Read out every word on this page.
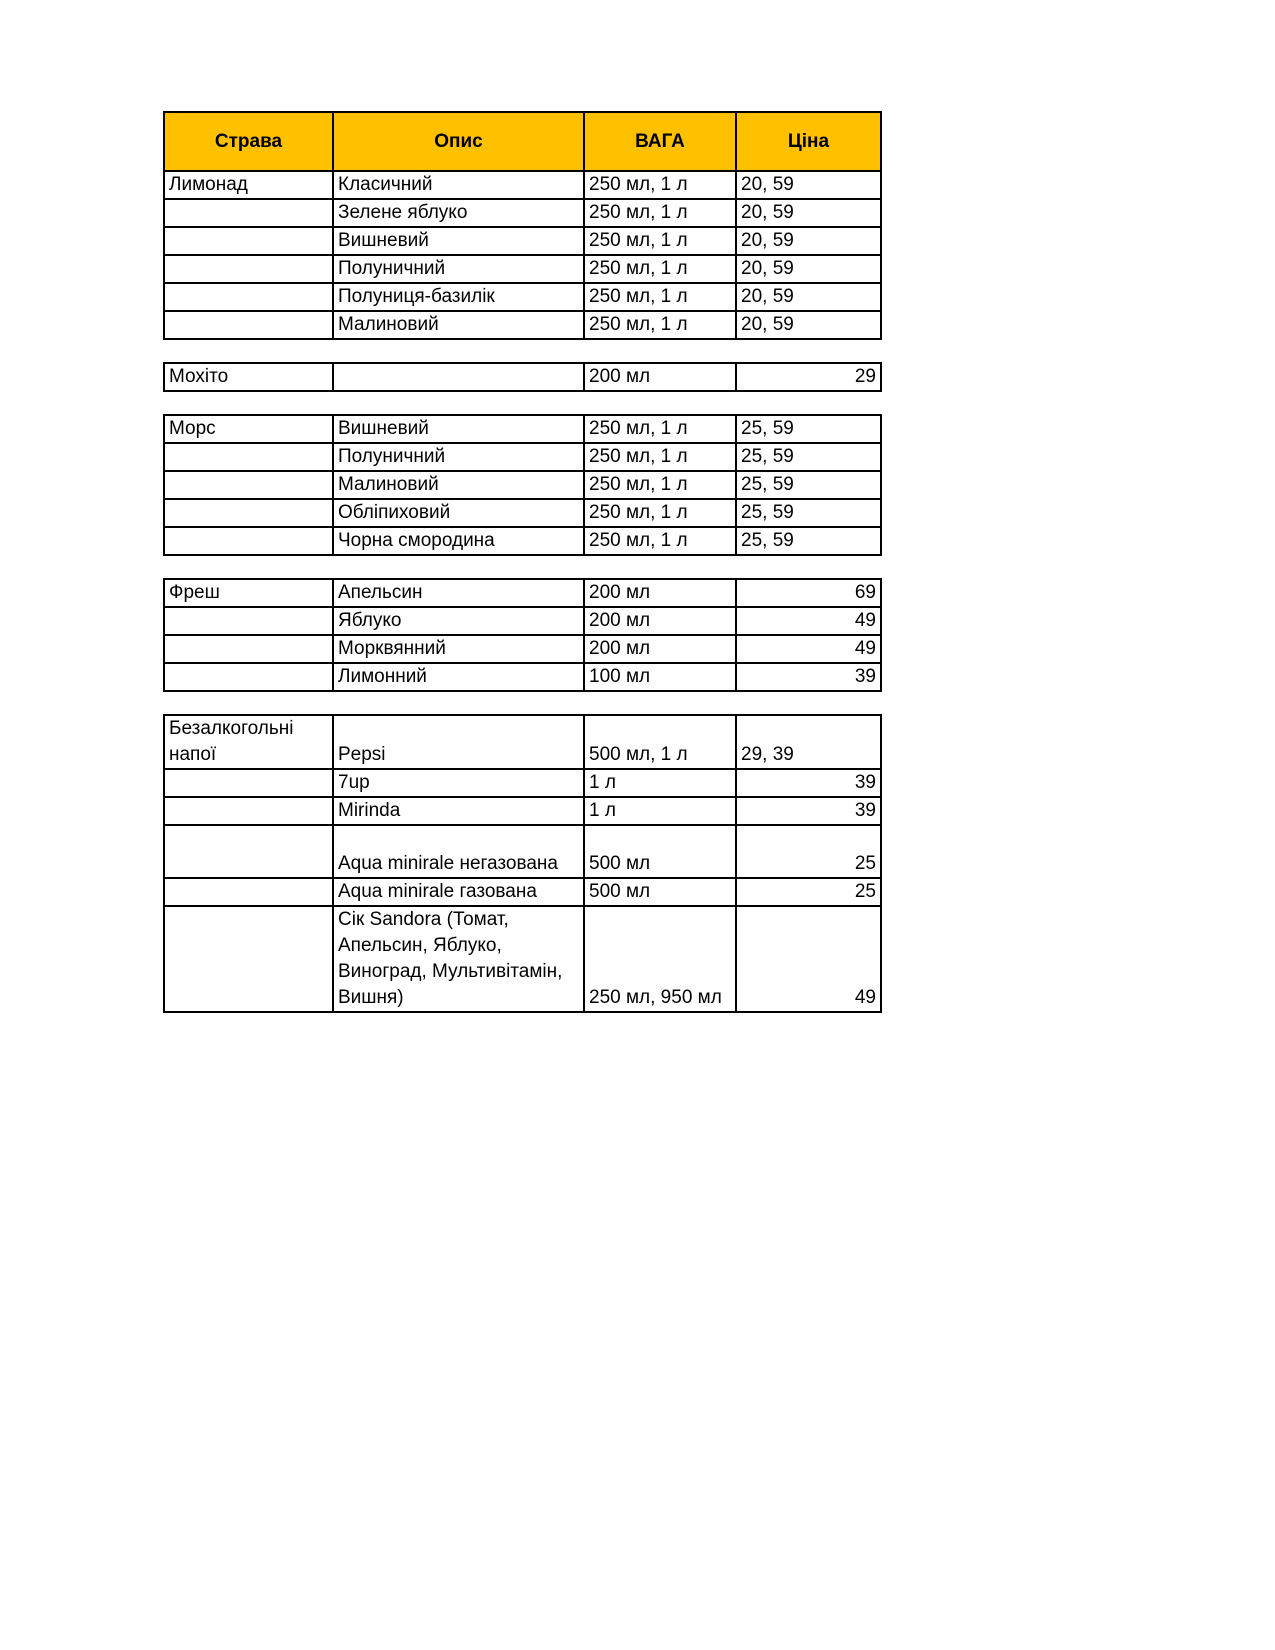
Страва	Опис	ВАГА	Ціна
Лимонад	Класичний	250 мл, 1 л	20, 59
	Зелене яблуко	250 мл, 1 л	20, 59
	Вишневий	250 мл, 1 л	20, 59
	Полуничний	250 мл, 1 л	20, 59
	Полуниця-базилік	250 мл, 1 л	20, 59
	Малиновий	250 мл, 1 л	20, 59

Мохіто		200 мл	29

Морс	Вишневий	250 мл, 1 л	25, 59
	Полуничний	250 мл, 1 л	25, 59
	Малиновий	250 мл, 1 л	25, 59
	Обліпиховий	250 мл, 1 л	25, 59
	Чорна смородина	250 мл, 1 л	25, 59

Фреш	Апельсин	200 мл	69
	Яблуко	200 мл	49
	Морквянний	200 мл	49
	Лимонний	100 мл	39

Безалкогольні напої	Pepsi	500 мл, 1 л	29, 39
	7up	1 л	39
	Mirinda	1 л	39
	Aqua minirale негазована	500 мл	25
	Aqua minirale газована	500 мл	25
	Сік Sandora (Томат, Апельсин, Яблуко, Виноград, Мультивітамін, Вишня)	250 мл, 950 мл	49
